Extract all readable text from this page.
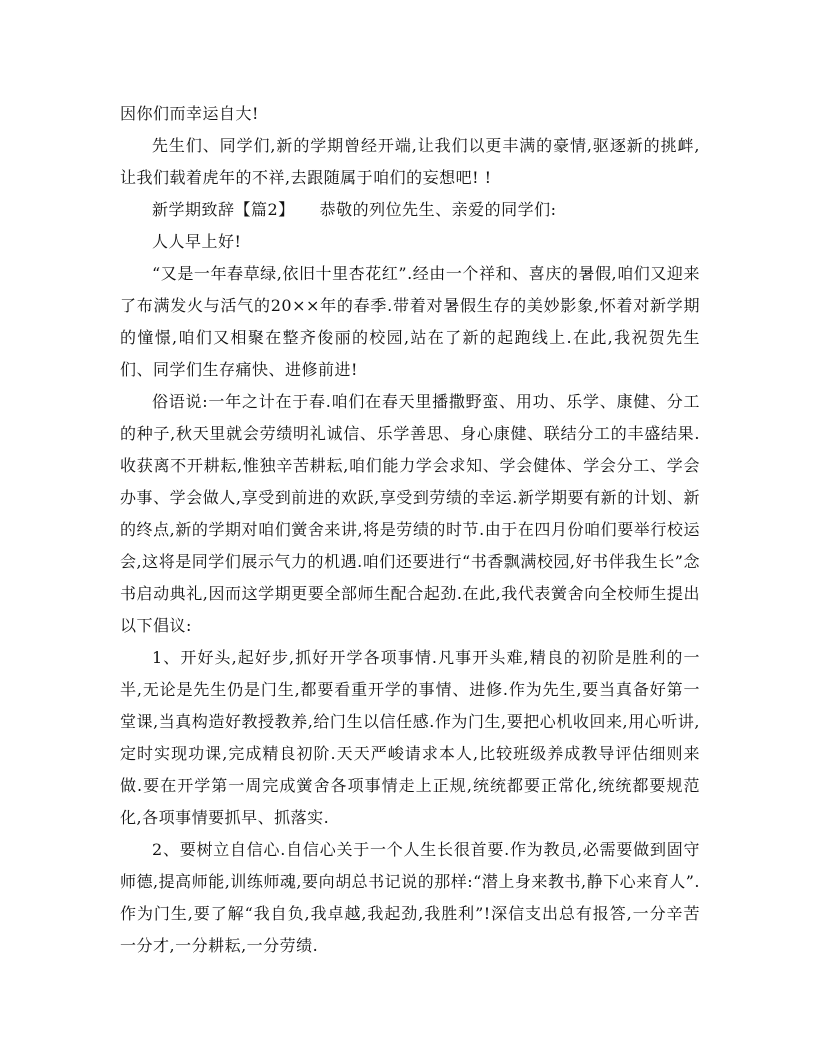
因你们而幸运自大!

先生们、同学们,新的学期曾经开端,让我们以更丰满的豪情,驱逐新的挑衅,让我们载着虎年的不祥,去跟随属于咱们的妄想吧! !

新学期致辞【篇2】　　恭敬的列位先生、亲爱的同学们:

人人早上好!

“又是一年春草绿,依旧十里杏花红”.经由一个祥和、喜庆的暑假,咱们又迎来了布满发火与活气的20××年的春季.带着对暑假生存的美妙影象,怀着对新学期的憧憬,咱们又相聚在整齐俊丽的校园,站在了新的起跑线上.在此,我祝贺先生们、同学们生存痛快、进修前进!

俗语说:一年之计在于春.咱们在春天里播撒野蛮、用功、乐学、康健、分工的种子,秋天里就会劳绩明礼诚信、乐学善思、身心康健、联结分工的丰盛结果.收获离不开耕耘,惟独辛苦耕耘,咱们能力学会求知、学会健体、学会分工、学会办事、学会做人,享受到前进的欢跃,享受到劳绩的幸运.新学期要有新的计划、新的终点,新的学期对咱们黉舍来讲,将是劳绩的时节.由于在四月份咱们要举行校运会,这将是同学们展示气力的机遇.咱们还要进行“书香飘满校园,好书伴我生长”念书启动典礼,因而这学期更要全部师生配合起劲.在此,我代表黉舍向全校师生提出以下倡议:

1、开好头,起好步,抓好开学各项事情.凡事开头难,精良的初阶是胜利的一半,无论是先生仍是门生,都要看重开学的事情、进修.作为先生,要当真备好第一堂课,当真构造好教授教养,给门生以信任感.作为门生,要把心机收回来,用心听讲,定时实现功课,完成精良初阶.天天严峻请求本人,比较班级养成教导评估细则来做.要在开学第一周完成黉舍各项事情走上正规,统统都要正常化,统统都要规范化,各项事情要抓早、抓落实.

2、要树立自信心.自信心关于一个人生长很首要.作为教员,必需要做到固守师德,提高师能,训练师魂,要向胡总书记说的那样:“潜上身来教书,静下心来育人”.作为门生,要了解“我自负,我卓越,我起劲,我胜利”!深信支出总有报答,一分辛苦一分才,一分耕耘,一分劳绩.
